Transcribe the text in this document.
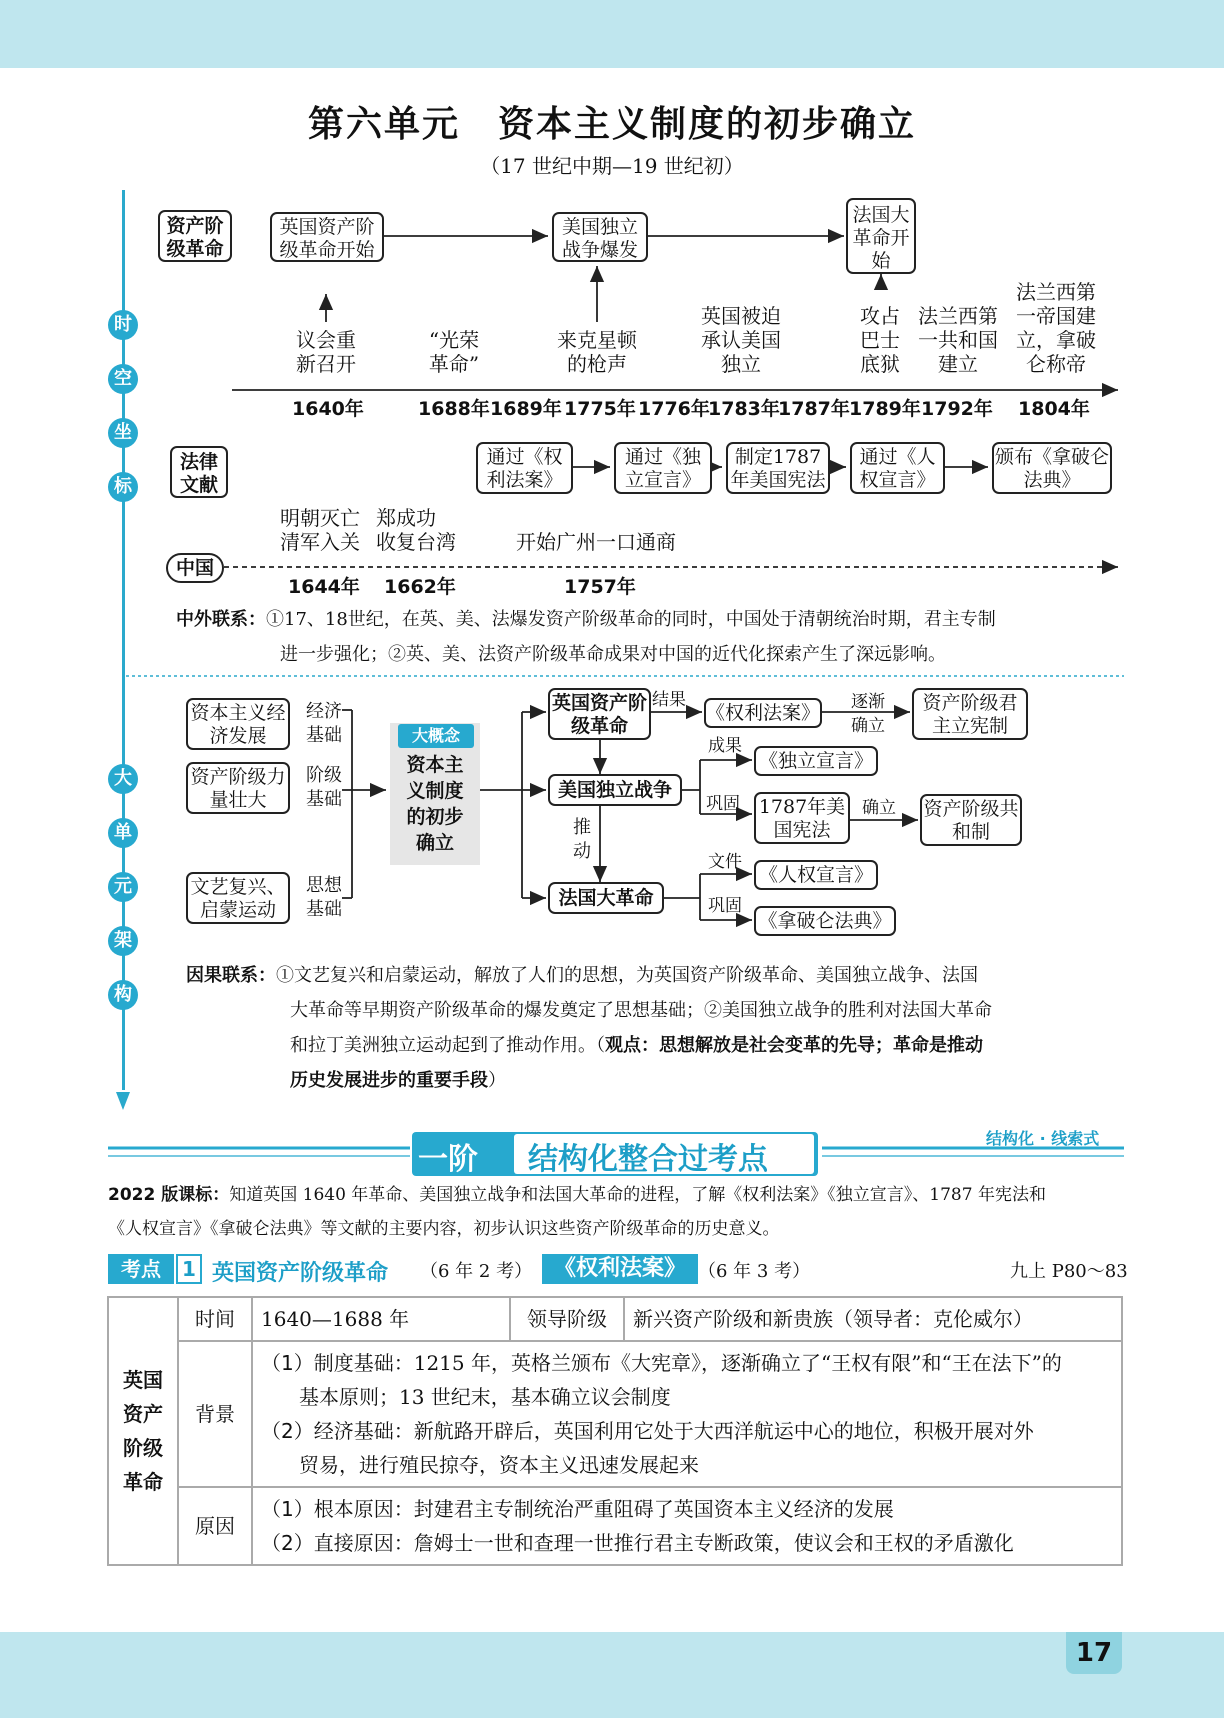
17
第六单元　资本主义制度的初步确立
（17 世纪中期—19 世纪初）
时
空
坐
标
大
单
元
架
构
资产阶级革命
英国资产阶级革命开始
美国独立战争爆发
法国大革命开始
议会重
新召开
“光荣
革命”
来克星顿
的枪声
英国被迫
承认美国
独立
攻占
巴士
底狱
法兰西第
一共和国
建立
法兰西第
一帝国建
立，拿破
仑称帝
1640年	1688年 1689年 1775年 1776年
1783年
1787年 1789年 1792年 1804年
法律文献
通过《权利法案》
通过《独立宣言》
制定1787年美国宪法
通过《人权宣言》
颁布《拿破仑法典》
明朝灭亡
清军入关
郑成功
收复台湾	开始广州一口通商
中国
1644年 1662年	1757年
中外联系：①17、18世纪，在英、美、法爆发资产阶级革命的同时，中国处于清朝统治时期，君主专制
进一步强化；②英、美、法资产阶级革命成果对中国的近代化探索产生了深远影响。
资本主义经济发展
经济基础
资产阶级力量壮大
阶级基础
文艺复兴、启蒙运动
思想基础
大概念
资本主义制度的初步确立
英国资产阶级革命
结果
《权利法案》 逐渐确立
资产阶级君主立宪制
美国独立战争
成果
《独立宣言》
巩固 1787年美国宪法
确立 资产阶级共和制
推动
法国大革命
文件
《人权宣言》
巩固
《拿破仑法典》
因果联系：①文艺复兴和启蒙运动，解放了人们的思想，为英国资产阶级革命、美国独立战争、法国
大革命等早期资产阶级革命的爆发奠定了思想基础；②美国独立战争的胜利对法国大革命
和拉丁美洲独立运动起到了推动作用。（观点：思想解放是社会变革的先导；革命是推动
历史发展进步的重要手段）
一阶 结构化整合过考点
结构化 · 线索式
2022 版课标：知道英国 1640 年革命、美国独立战争和法国大革命的进程，了解《权利法案》《独立宣言》、1787 年宪法和
《人权宣言》《拿破仑法典》等文献的主要内容，初步认识这些资产阶级革命的历史意义。
考点	1 英国资产阶级革命 （6 年 2 考） 《权利法案》 （6 年 3 考）	九上 P80～83
英国资产阶级革命	时间	1640—1688 年	领导阶级	新兴资产阶级和新贵族（领导者：克伦威尔）
	背景	（1）制度基础：1215 年，英格兰颁布《大宪章》，逐渐确立了“王权有限”和“王在法下”的
基本原则；13 世纪末，基本确立议会制度
（2）经济基础：新航路开辟后，英国利用它处于大西洋航运中心的地位，积极开展对外
贸易，进行殖民掠夺，资本主义迅速发展起来		
	原因	（1）根本原因：封建君主专制统治严重阻碍了英国资本主义经济的发展
（2）直接原因：詹姆士一世和查理一世推行君主专断政策，使议会和王权的矛盾激化		
